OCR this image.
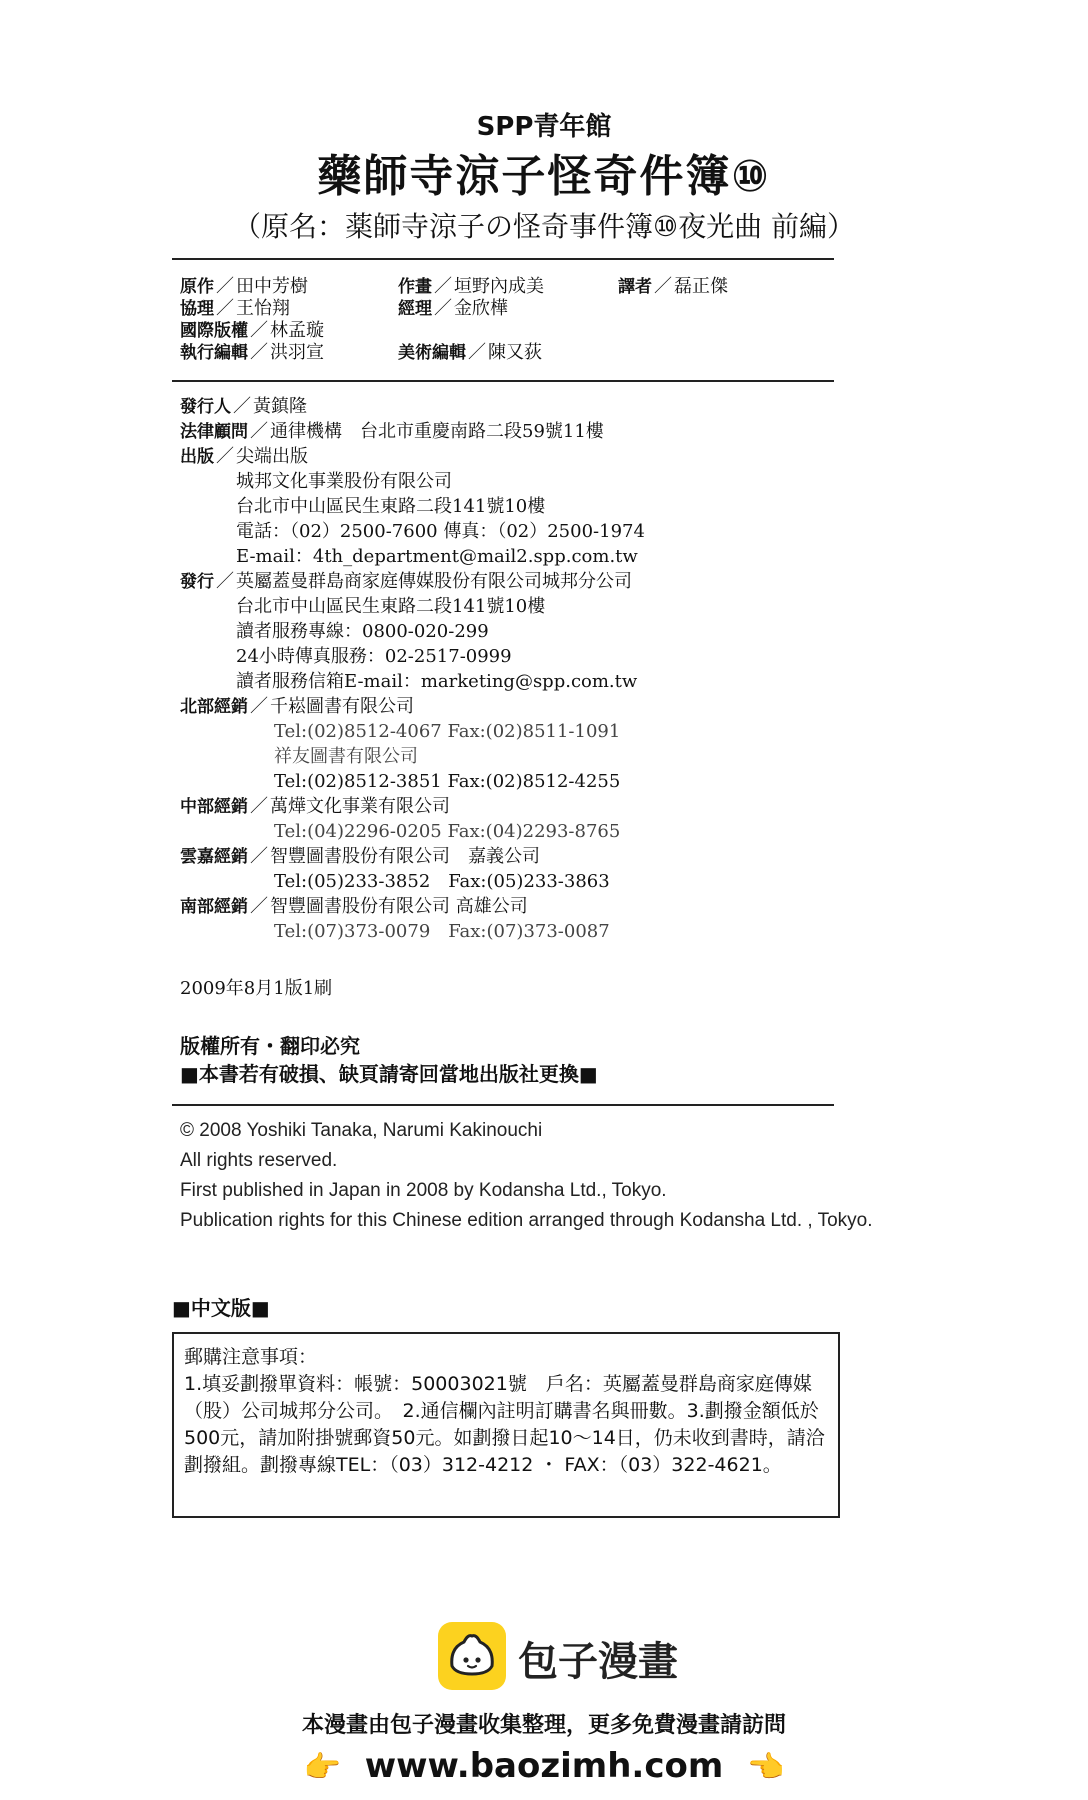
SPP青年館
藥師寺涼子怪奇件簿⑩
（原名：薬師寺涼子の怪奇事件簿⑩夜光曲 前編）
原作 ／ 田中芳樹	作畫 ／ 垣野內成美	譯者 ／ 磊正傑
協理 ／ 王怡翔	經理 ／ 金欣樺
國際版權 ／ 林孟璇
執行編輯 ／ 洪羽宣	美術編輯 ／ 陳又荻
發行人 ／ 黃鎮隆
法律顧問 ／ 通律機構　台北市重慶南路二段59號11樓
出版 ／ 尖端出版
城邦文化事業股份有限公司
台北市中山區民生東路二段141號10樓
電話：（02）2500-7600 傳真：（02）2500-1974
E-mail：4th_department@mail2.spp.com.tw
發行 ／ 英屬蓋曼群島商家庭傳媒股份有限公司城邦分公司
台北市中山區民生東路二段141號10樓
讀者服務專線：0800-020-299
24小時傳真服務：02-2517-0999
讀者服務信箱E-mail：marketing@spp.com.tw
北部經銷 ／ 千崧圖書有限公司
Tel:(02)8512-4067 Fax:(02)8511-1091
祥友圖書有限公司
Tel:(02)8512-3851 Fax:(02)8512-4255
中部經銷 ／ 萬燁文化事業有限公司
Tel:(04)2296-0205 Fax:(04)2293-8765
雲嘉經銷 ／ 智豐圖書股份有限公司　嘉義公司
Tel:(05)233-3852　Fax:(05)233-3863
南部經銷 ／ 智豐圖書股份有限公司 高雄公司
Tel:(07)373-0079　Fax:(07)373-0087
2009年8月1版1刷
版權所有・翻印必究
■本書若有破損、缺頁請寄回當地出版社更換■
© 2008 Yoshiki Tanaka, Narumi Kakinouchi
All rights reserved.
First published in Japan in 2008 by Kodansha Ltd., Tokyo.
Publication rights for this Chinese edition arranged through Kodansha Ltd. , Tokyo.
■中文版■
郵購注意事項：
1.填妥劃撥單資料：帳號：50003021號　戶名：英屬蓋曼群島商家庭傳媒（股）公司城邦分公司。　2.通信欄內註明訂購書名與冊數。3.劃撥金額低於500元，請加附掛號郵資50元。如劃撥日起10～14日，仍未收到書時，請洽劃撥組。劃撥專線TEL：（03）312-4212 ・ FAX：（03）322-4621。
包子漫畫
本漫畫由包子漫畫收集整理，更多免費漫畫請訪問
👉 www.baozimh.com 👈
